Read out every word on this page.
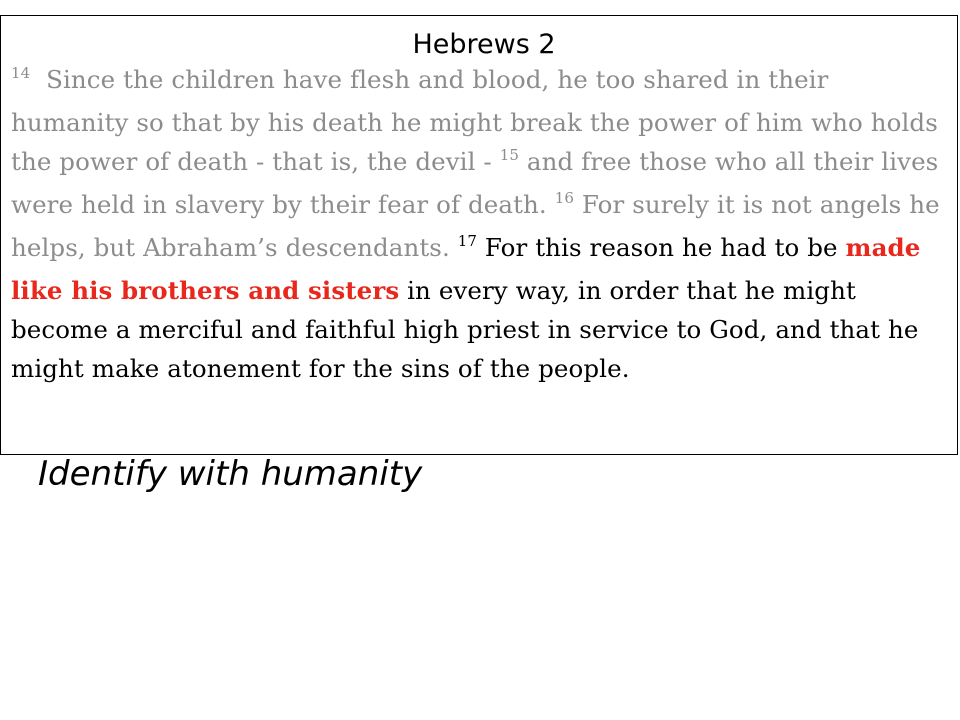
Hebrews 2

$^{14}$ Since the children have flesh and blood, he too shared in their humanity so that by his death he might break the power of him who holds the power of death - that is, the devil - $^{15}$ and free those who all their lives were held in slavery by their fear of death. $^{16}$ For surely it is not angels he helps, but Abraham’s descendants. $^{17}$ For this reason he had to be made like his brothers and sisters in every way, in order that he might become a merciful and faithful high priest in service to God, and that he might make atonement for the sins of the people.

Identify with humanity
